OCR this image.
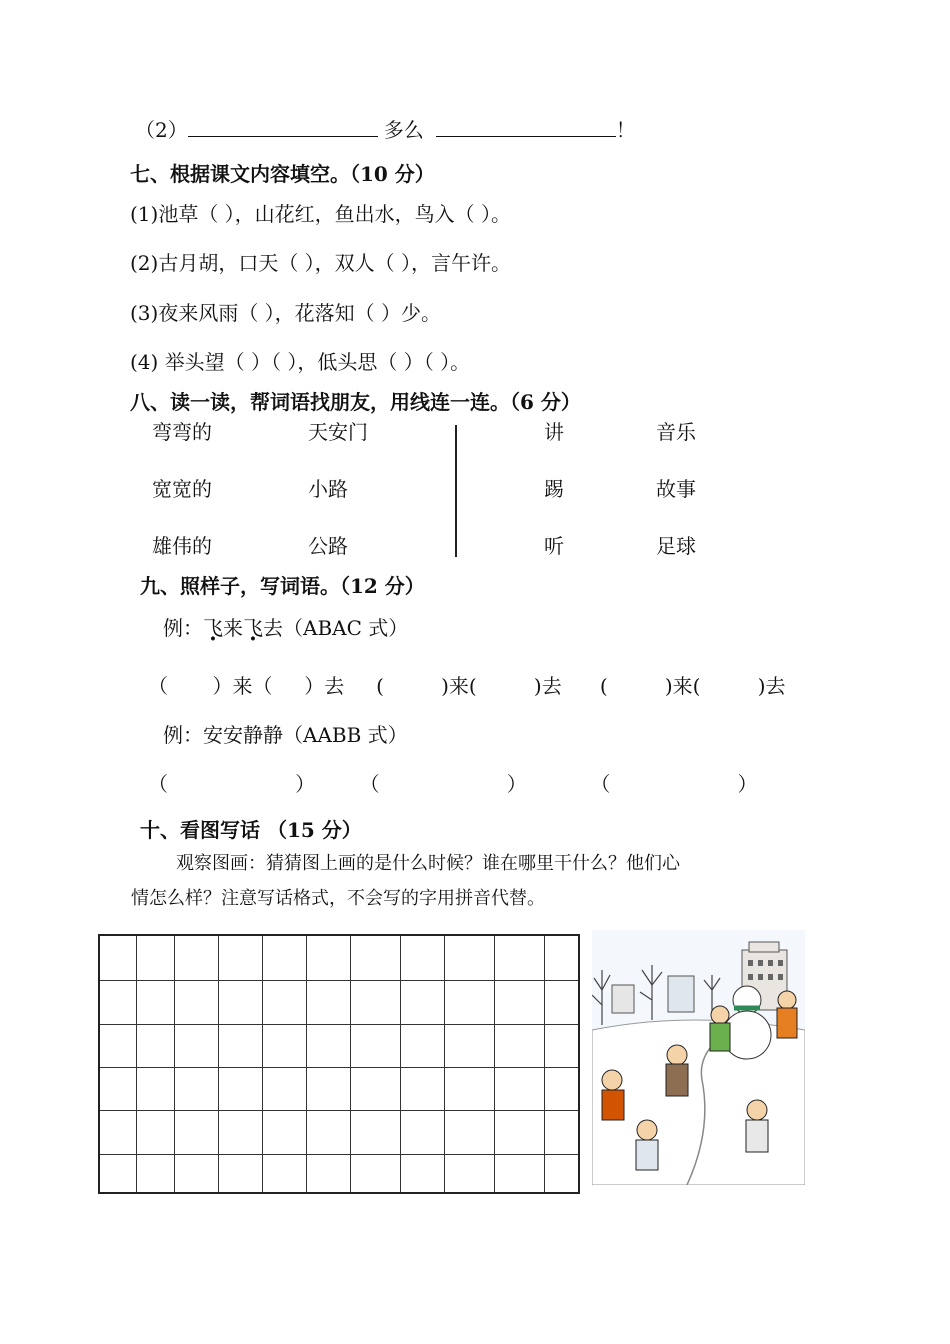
（2）	多么	！
七、根据课文内容填空。（10 分）
(1)池草（ ），山花红，鱼出水，鸟入（ ）。
(2)古月胡，口天（ ），双人（ ），言午许。
(3)夜来风雨（ ），花落知（ ）少。
(4) 举头望（ ）（ ），低头思（ ）（ ）。
八、读一读，帮词语找朋友，用线连一连。（6 分）
弯弯的
宽宽的
雄伟的
天安门
小路
公路
讲
踢
听
音乐
故事
足球
九、照样子，写词语。（12 分）
例：飞来飞去（ABAC 式）
（       ）来（     ）去     (         )来(         )去      (         )来(         )去
例：安安静静（AABB 式）
（                    ）       （                    ）          （                    ）
十、看图写话 （15 分）
观察图画：猜猜图上画的是什么时候？谁在哪里干什么？他们心
情怎么样？注意写话格式，不会写的字用拼音代替。
